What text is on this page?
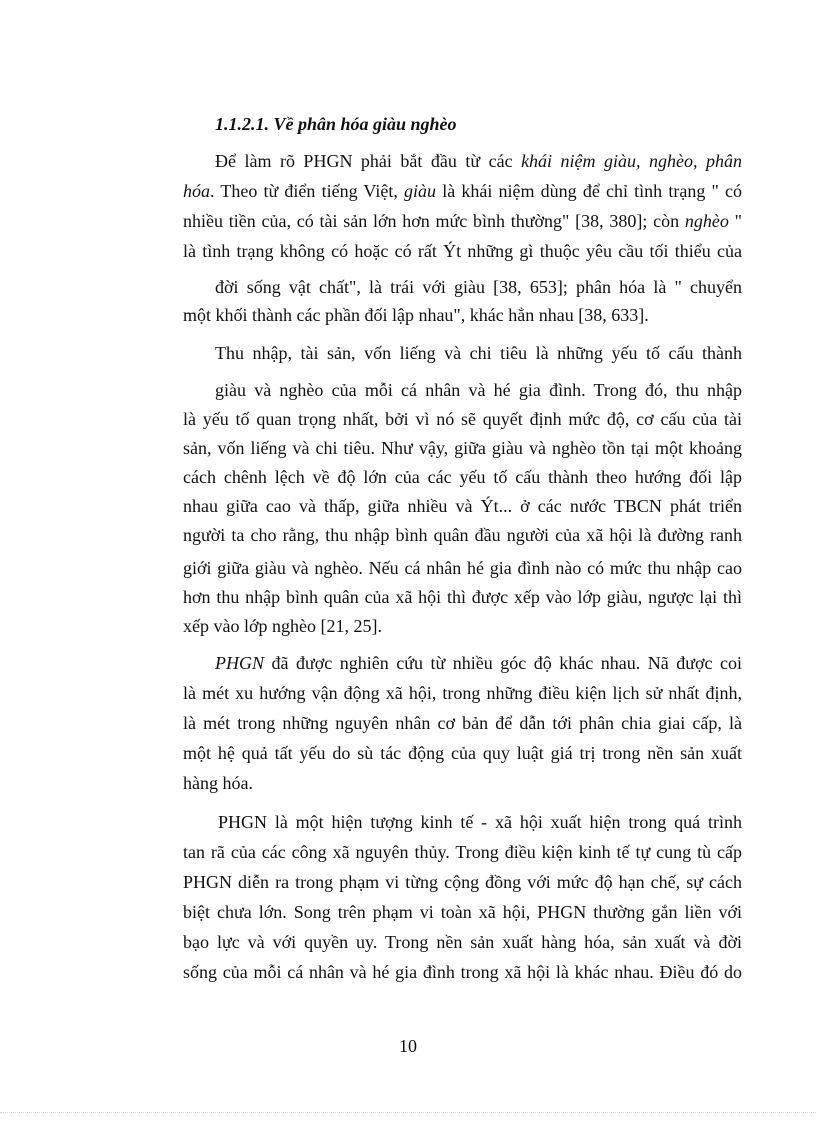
1.1.2.1. Về phân hóa giàu nghèo
Để làm rõ PHGN phải bắt đầu từ các khái niệm giàu, nghèo, phân
hóa. Theo từ điển tiếng Việt, giàu là khái niệm dùng để chỉ tình trạng " có
nhiều tiền của, có tài sản lớn hơn mức bình thường" [38, 380]; còn nghèo "
là tình trạng không có hoặc có rất Ýt những gì thuộc yêu cầu tối thiểu của
đời sống vật chất", là trái với giàu [38, 653]; phân hóa là " chuyển
một khối thành các phần đối lập nhau", khác hẳn nhau [38, 633].
Thu nhập, tài sản, vốn liếng và chi tiêu là những yếu tố cấu thành
giàu và nghèo của mỗi cá nhân và hé gia đình. Trong đó, thu nhập
là yếu tố quan trọng nhất, bởi vì nó sẽ quyết định mức độ, cơ cấu của tài
sản, vốn liếng và chi tiêu. Như vậy, giữa giàu và nghèo tồn tại một khoảng
cách chênh lệch về độ lớn của các yếu tố cấu thành theo hướng đối lập
nhau giữa cao và thấp, giữa nhiều và Ýt... ở các nước TBCN phát triển
người ta cho rằng, thu nhập bình quân đầu người của xã hội là đường ranh
giới giữa giàu và nghèo. Nếu cá nhân hé gia đình nào có mức thu nhập cao
hơn thu nhập bình quân của xã hội thì được xếp vào lớp giàu, ngược lại thì
xếp vào lớp nghèo [21, 25].
PHGN đã được nghiên cứu từ nhiều góc độ khác nhau. Nã được coi
là mét xu hướng vận động xã hội, trong những điều kiện lịch sử nhất định,
là mét trong những nguyên nhân cơ bản để dẫn tới phân chia giai cấp, là
một hệ quả tất yếu do sù tác động của quy luật giá trị trong nền sản xuất
hàng hóa.
PHGN là một hiện tượng kinh tế - xã hội xuất hiện trong quá trình
tan rã của các công xã nguyên thủy. Trong điều kiện kinh tế tự cung tù cấp
PHGN diễn ra trong phạm vi từng cộng đồng với mức độ hạn chế, sự cách
biệt chưa lớn. Song trên phạm vi toàn xã hội, PHGN thường gắn liền với
bạo lực và với quyền uy. Trong nền sản xuất hàng hóa, sản xuất và đời
sống của mỗi cá nhân và hé gia đình trong xã hội là khác nhau. Điều đó do
10
